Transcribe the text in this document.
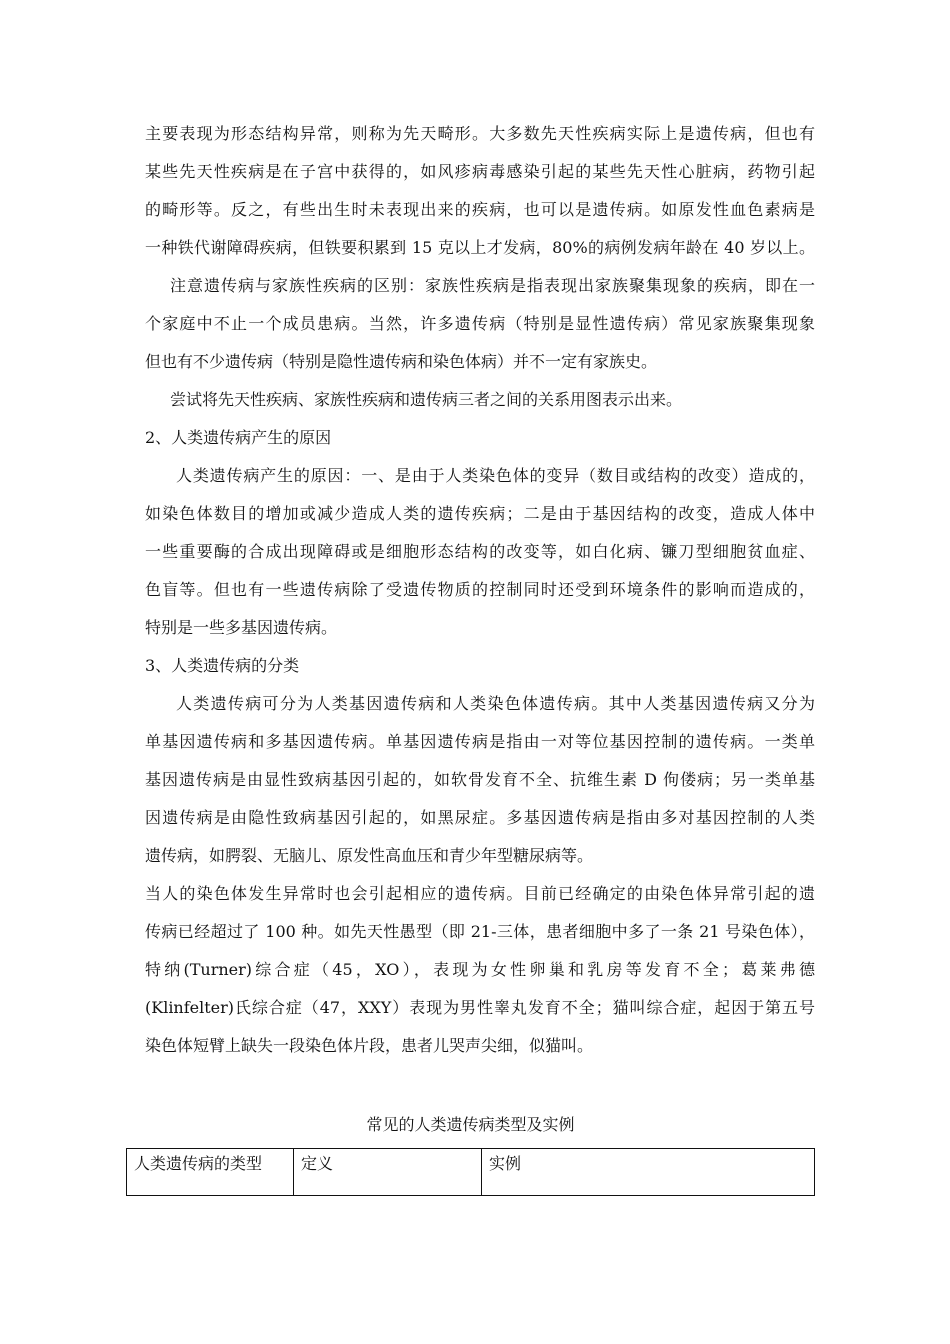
主要表现为形态结构异常，则称为先天畸形。大多数先天性疾病实际上是遗传病，但也有
某些先天性疾病是在子宫中获得的，如风疹病毒感染引起的某些先天性心脏病，药物引起
的畸形等。反之，有些出生时未表现出来的疾病，也可以是遗传病。如原发性血色素病是
一种铁代谢障碍疾病，但铁要积累到 15 克以上才发病，80%的病例发病年龄在 40 岁以上。
注意遗传病与家族性疾病的区别：家族性疾病是指表现出家族聚集现象的疾病，即在一
个家庭中不止一个成员患病。当然，许多遗传病（特别是显性遗传病）常见家族聚集现象
但也有不少遗传病（特别是隐性遗传病和染色体病）并不一定有家族史。
尝试将先天性疾病、家族性疾病和遗传病三者之间的关系用图表示出来。
2、人类遗传病产生的原因
人类遗传病产生的原因：一、是由于人类染色体的变异（数目或结构的改变）造成的，
如染色体数目的增加或减少造成人类的遗传疾病；二是由于基因结构的改变，造成人体中
一些重要酶的合成出现障碍或是细胞形态结构的改变等，如白化病、镰刀型细胞贫血症、
色盲等。但也有一些遗传病除了受遗传物质的控制同时还受到环境条件的影响而造成的，
特别是一些多基因遗传病。
3、人类遗传病的分类
人类遗传病可分为人类基因遗传病和人类染色体遗传病。其中人类基因遗传病又分为
单基因遗传病和多基因遗传病。单基因遗传病是指由一对等位基因控制的遗传病。一类单
基因遗传病是由显性致病基因引起的，如软骨发育不全、抗维生素 D 佝偻病；另一类单基
因遗传病是由隐性致病基因引起的，如黑尿症。多基因遗传病是指由多对基因控制的人类
遗传病，如腭裂、无脑儿、原发性高血压和青少年型糖尿病等。
当人的染色体发生异常时也会引起相应的遗传病。目前已经确定的由染色体异常引起的遗
传病已经超过了 100 种。如先天性愚型（即 21-三体，患者细胞中多了一条 21 号染色体），
特纳(Turner)综合症（45，XO），表现为女性卵巢和乳房等发育不全；葛莱弗德
(Klinfelter)氏综合症（47，XXY）表现为男性睾丸发育不全；猫叫综合症，起因于第五号
染色体短臂上缺失一段染色体片段，患者儿哭声尖细，似猫叫。
常见的人类遗传病类型及实例
人类遗传病的类型	定义	实例
